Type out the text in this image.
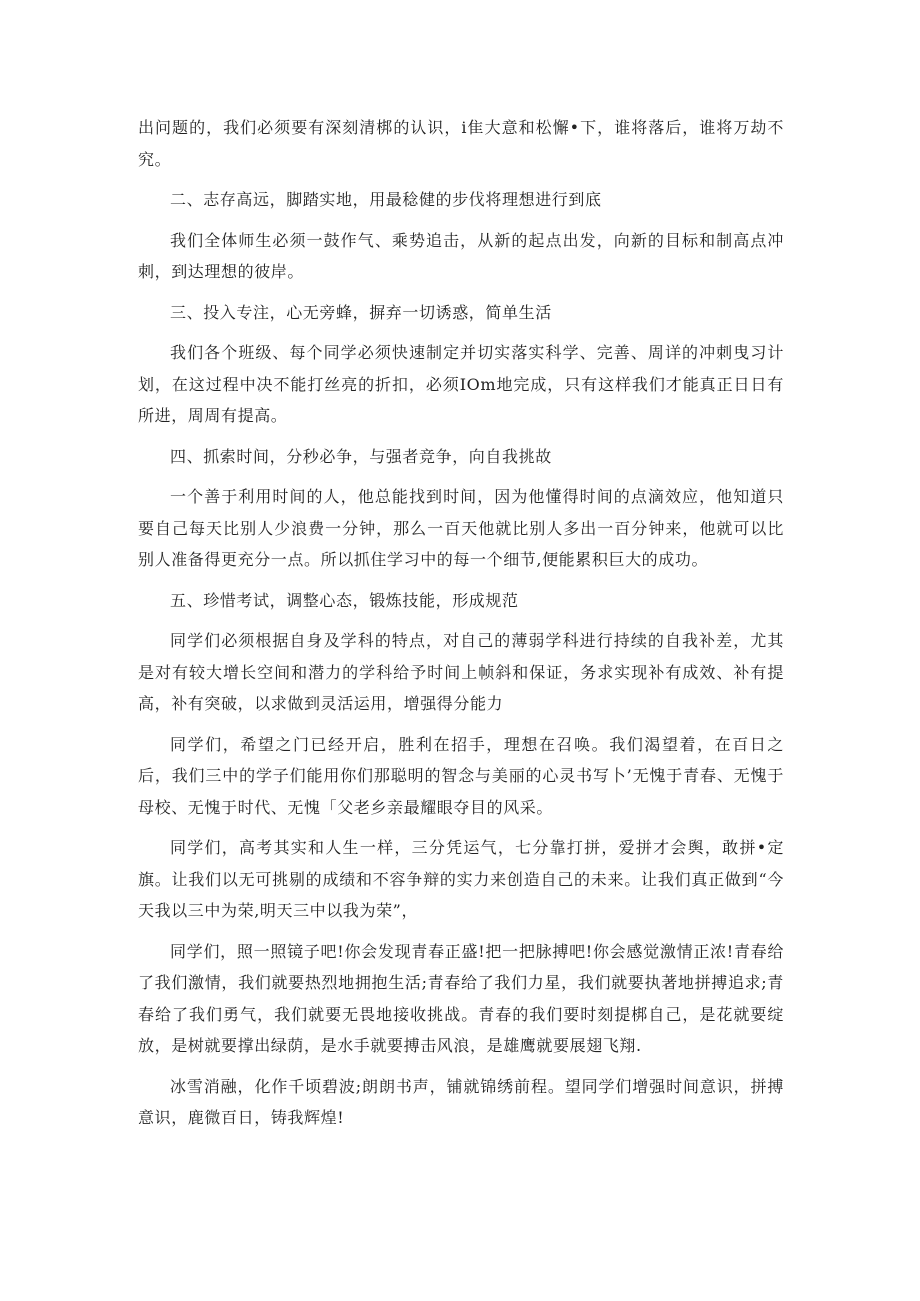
出问题的，我们必须要有深刻清梆的认识，i隹大意和松懈•下，谁将落后，谁将万劫不究。

二、志存高远，脚踏实地，用最稔健的步伐将理想进行到底

我们全体师生必须一鼓作气、乘势追击，从新的起点出发，向新的目标和制高点冲刺，到达理想的彼岸。

三、投入专注，心无旁蜂，摒弃一切诱惑，简单生活

我们各个班级、每个同学必须快速制定并切实落实科学、完善、周详的冲刺曳习计划，在这过程中决不能打丝亮的折扣，必须IOm地完成，只有这样我们才能真正日日有所进，周周有提高。

四、抓索时间，分秒必争，与强者竞争，向自我挑故

一个善于利用时间的人，他总能找到时间，因为他懂得时间的点滴效应，他知道只要自己每天比别人少浪费一分钟，那么一百天他就比别人多出一百分钟来，他就可以比别人准备得更充分一点。所以抓住学习中的每一个细节,便能累积巨大的成功。

五、珍惜考试，调整心态，锻炼技能，形成规范

同学们必须根据自身及学科的特点，对自己的薄弱学科进行持续的自我补差，尤其是对有较大增长空间和潜力的学科给予时间上帧斜和保证，务求实现补有成效、补有提高，补有突破，以求做到灵活运用，增强得分能力

同学们，希望之门已经开启，胜利在招手，理想在召唤。我们渴望着，在百日之后，我们三中的学子们能用你们那聪明的智念与美丽的心灵书写卜’无愧于青春、无愧于母校、无愧于时代、无愧「父老乡亲最耀眼夺目的风采。

同学们，高考其实和人生一样，三分凭运气，七分靠打拼，爱拼才会舆，敢拼•定旗。让我们以无可挑剔的成绩和不容争辩的实力来创造自己的未来。让我们真正做到“今天我以三中为荣,明天三中以我为荣”，

同学们，照一照镜子吧!你会发现青春正盛!把一把脉搏吧!你会感觉激情正浓!青春给了我们激情，我们就要热烈地拥抱生活;青春给了我们力星，我们就要执著地拼搏追求;青春给了我们勇气，我们就要无畏地接收挑战。青春的我们要时刻提梆自己，是花就要绽放，是树就要撑出绿荫，是水手就要搏击风浪，是雄鹰就要展翅飞翔.

冰雪消融，化作千顷碧波;朗朗书声，铺就锦绣前程。望同学们增强时间意识，拼搏意识，鹿微百日，铸我辉煌!
